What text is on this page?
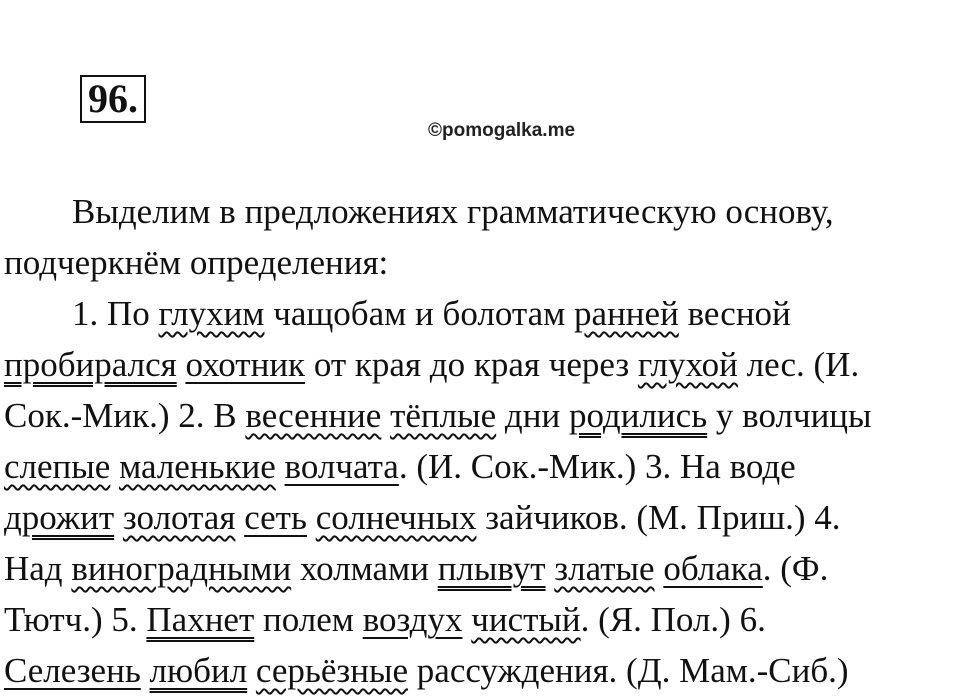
96.
©pomogalka.me
Выделим в предложениях грамматическую основу,
подчеркнём определения:
1. По глухим чащобам и болотам ранней весной
пробирался охотник от края до края через глухой лес. (И.
Сок.-Мик.) 2. В весенние тёплые дни родились у волчицы
слепые маленькие волчата. (И. Сок.-Мик.) 3. На воде
дрожит золотая сеть солнечных зайчиков. (М. Приш.) 4.
Над виноградными холмами плывут златые облака. (Ф.
Тютч.) 5. Пахнет полем воздух чистый. (Я. Пол.) 6.
Селезень любил серьёзные рассуждения. (Д. Мам.-Сиб.)
